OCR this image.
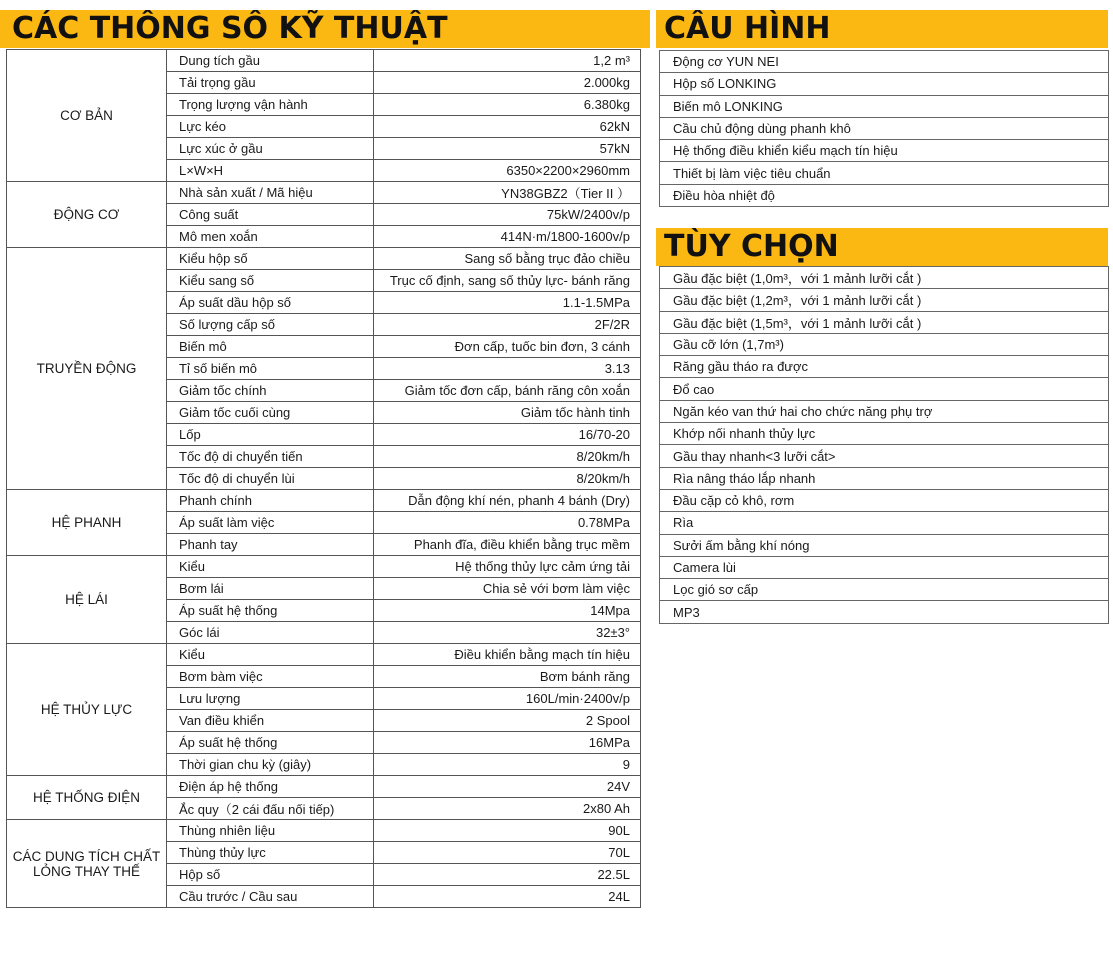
CÁC THÔNG SỐ KỸ THUẬT	CẤU HÌNH
TÙY CHỌN
CƠ BẢN	Dung tích gầu	1,2 m³
	Tải trọng gầu	2.000kg
	Trọng lượng vận hành	6.380kg
	Lực kéo	62kN
	Lực xúc ở gầu	57kN
	L×W×H	6350×2200×2960mm
ĐỘNG CƠ	Nhà sản xuất / Mã hiệu	YN38GBZ2（Tier II ）
	Công suất	75kW/2400v/p
	Mô men xoắn	414N·m/1800-1600v/p
TRUYỀN ĐỘNG	Kiểu hộp số	Sang số bằng trục đảo chiều
	Kiểu sang số	Trục cố định, sang số thủy lực- bánh răng
	Áp suất dầu hộp số	1.1-1.5MPa
	Số lượng cấp số	2F/2R
	Biến mô	Đơn cấp, tuốc bin đơn, 3 cánh
	Tỉ số biến mô	3.13
	Giảm tốc chính	Giảm tốc đơn cấp, bánh răng côn xoắn
	Giảm tốc cuối cùng	Giảm tốc hành tinh
	Lốp	16/70-20
	Tốc độ di chuyển tiến	8/20km/h
	Tốc độ di chuyển lùi	8/20km/h
HỆ PHANH	Phanh chính	Dẫn động khí nén, phanh 4 bánh (Dry)
	Áp suất làm việc	0.78MPa
	Phanh tay	Phanh đĩa, điều khiển bằng trục mềm
HỆ LÁI	Kiểu	Hệ thống thủy lực cảm ứng tải
	Bơm lái	Chia sẻ với bơm làm việc
	Áp suất hệ thống	14Mpa
	Góc lái	32±3°
HỆ THỦY LỰC	Kiểu	Điều khiển bằng mạch tín hiệu
	Bơm bàm việc	Bơm bánh răng
	Lưu lượng	160L/min·2400v/p
	Van điều khiển	2 Spool
	Áp suất hệ thống	16MPa
	Thời gian chu kỳ (giây)	9
HỆ THỐNG ĐIỆN	Điện áp hệ thống	24V
	Ắc quy（2 cái đấu nối tiếp)	2x80 Ah
CÁC DUNG TÍCH CHẤT LỎNG THAY THẾ	Thùng nhiên liệu	90L
	Thùng thủy lực	70L
	Hộp số	22.5L
	Cầu trước / Cầu sau	24L
Động cơ YUN NEI
Hộp số LONKING
Biến mô LONKING
Cầu chủ động dùng phanh khô
Hệ thống điều khiển kiểu mạch tín hiệu
Thiết bị làm việc tiêu chuẩn
Điều hòa nhiệt độ
Gầu đặc biệt (1,0m³，với 1 mảnh lưỡi cắt )
Gầu đặc biệt (1,2m³，với 1 mảnh lưỡi cắt )
Gầu đặc biệt (1,5m³，với 1 mảnh lưỡi cắt )
Gầu cỡ lớn (1,7m³)
Răng gầu tháo ra được
Đổ cao
Ngăn kéo van thứ hai cho chức năng phụ trợ
Khớp nối nhanh thủy lực
Gầu thay nhanh<3 lưỡi cắt>
Rìa nâng tháo lắp nhanh
Đầu cặp cỏ khô, rơm
Rìa
Sưởi ấm bằng khí nóng
Camera lùi
Lọc gió sơ cấp
MP3
